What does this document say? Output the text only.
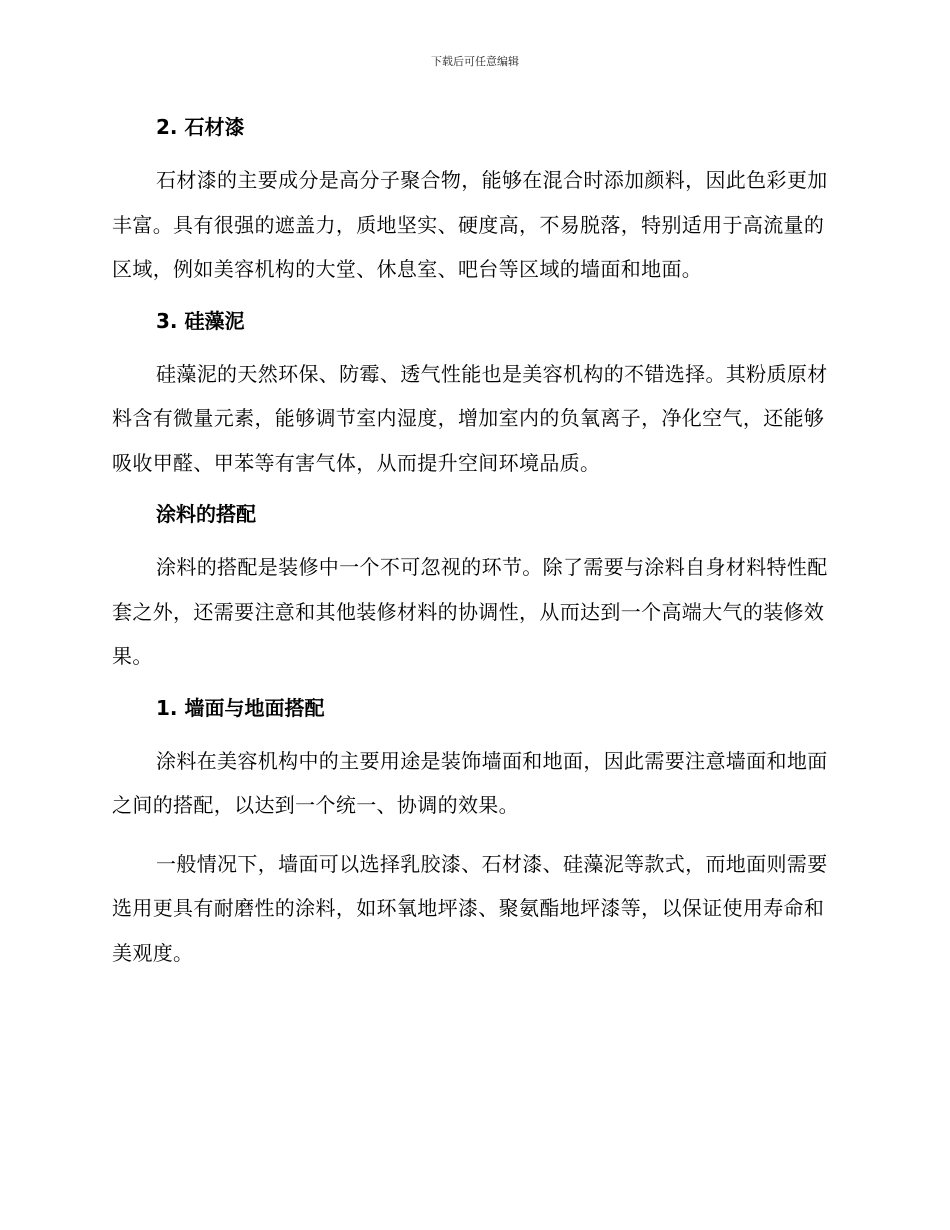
下载后可任意编辑
2. 石材漆

石材漆的主要成分是高分子聚合物，能够在混合时添加颜料，因此色彩更加丰富。具有很强的遮盖力，质地坚实、硬度高，不易脱落，特别适用于高流量的区域，例如美容机构的大堂、休息室、吧台等区域的墙面和地面。

3. 硅藻泥

硅藻泥的天然环保、防霉、透气性能也是美容机构的不错选择。其粉质原材料含有微量元素，能够调节室内湿度，增加室内的负氧离子，净化空气，还能够吸收甲醛、甲苯等有害气体，从而提升空间环境品质。

涂料的搭配

涂料的搭配是装修中一个不可忽视的环节。除了需要与涂料自身材料特性配套之外，还需要注意和其他装修材料的协调性，从而达到一个高端大气的装修效果。

1. 墙面与地面搭配

涂料在美容机构中的主要用途是装饰墙面和地面，因此需要注意墙面和地面之间的搭配，以达到一个统一、协调的效果。

一般情况下，墙面可以选择乳胶漆、石材漆、硅藻泥等款式，而地面则需要选用更具有耐磨性的涂料，如环氧地坪漆、聚氨酯地坪漆等，以保证使用寿命和美观度。
